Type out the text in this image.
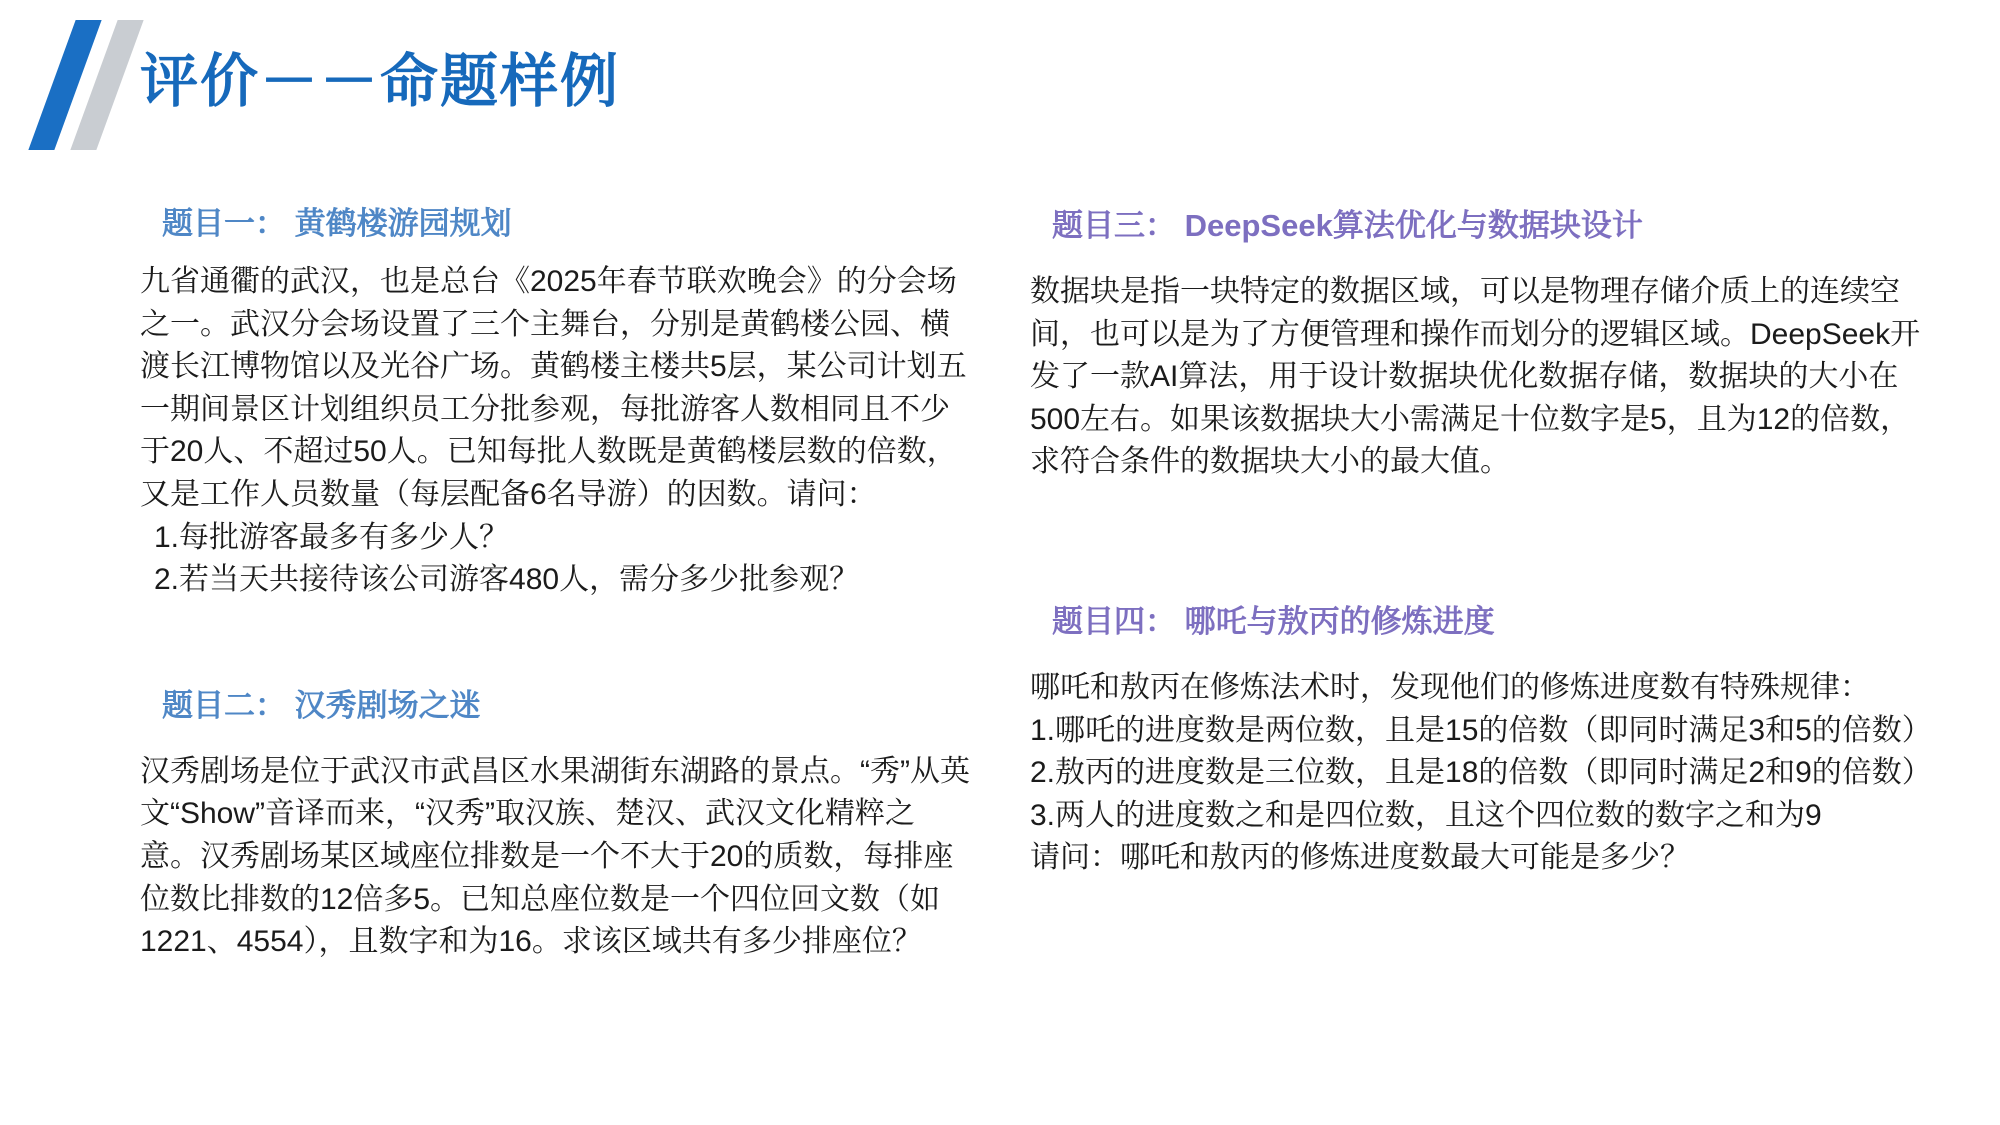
评价－－命题样例
题目一： 黄鹤楼游园规划

九省通衢的武汉，也是总台《2025年春节联欢晚会》的分会场之一。武汉分会场设置了三个主舞台，分别是黄鹤楼公园、横渡长江博物馆以及光谷广场。黄鹤楼主楼共5层，某公司计划五一期间景区计划组织员工分批参观，每批游客人数相同且不少于20人、不超过50人。已知每批人数既是黄鹤楼层数的倍数，又是工作人员数量（每层配备6名导游）的因数。请问：

1.每批游客最多有多少人？

2.若当天共接待该公司游客480人，需分多少批参观？

题目二： 汉秀剧场之迷

汉秀剧场是位于武汉市武昌区水果湖街东湖路的景点。“秀”从英文“Show”音译而来，“汉秀”取汉族、楚汉、武汉文化精粹之意。汉秀剧场某区域座位排数是一个不大于20的质数，每排座位数比排数的12倍多5。已知总座位数是一个四位回文数（如1221、4554），且数字和为16。求该区域共有多少排座位？

题目三： DeepSeek算法优化与数据块设计

数据块是指一块特定的数据区域，可以是物理存储介质上的连续空间，也可以是为了方便管理和操作而划分的逻辑区域。DeepSeek开发了一款AI算法，用于设计数据块优化数据存储，数据块的大小在500左右。如果该数据块大小需满足十位数字是5，且为12的倍数，求符合条件的数据块大小的最大值。

题目四： 哪吒与敖丙的修炼进度

哪吒和敖丙在修炼法术时，发现他们的修炼进度数有特殊规律：

1.哪吒的进度数是两位数，且是15的倍数（即同时满足3和5的倍数）

2.敖丙的进度数是三位数，且是18的倍数（即同时满足2和9的倍数）

3.两人的进度数之和是四位数，且这个四位数的数字之和为9

请问：哪吒和敖丙的修炼进度数最大可能是多少？
